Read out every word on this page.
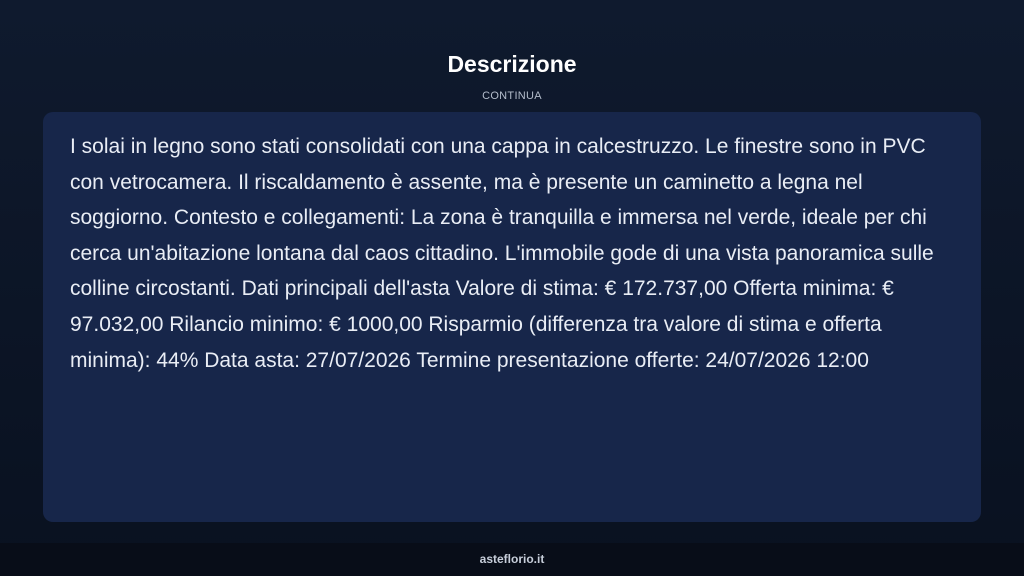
Descrizione
CONTINUA

I solai in legno sono stati consolidati con una cappa in calcestruzzo. Le finestre sono in PVC con vetrocamera. Il riscaldamento è assente, ma è presente un caminetto a legna nel soggiorno. Contesto e collegamenti: La zona è tranquilla e immersa nel verde, ideale per chi cerca un'abitazione lontana dal caos cittadino. L'immobile gode di una vista panoramica sulle colline circostanti. Dati principali dell'asta Valore di stima: € 172.737,00 Offerta minima: € 97.032,00 Rilancio minimo: € 1000,00 Risparmio (differenza tra valore di stima e offerta minima): 44% Data asta: 27/07/2026 Termine presentazione offerte: 24/07/2026 12:00

asteflorio.it
